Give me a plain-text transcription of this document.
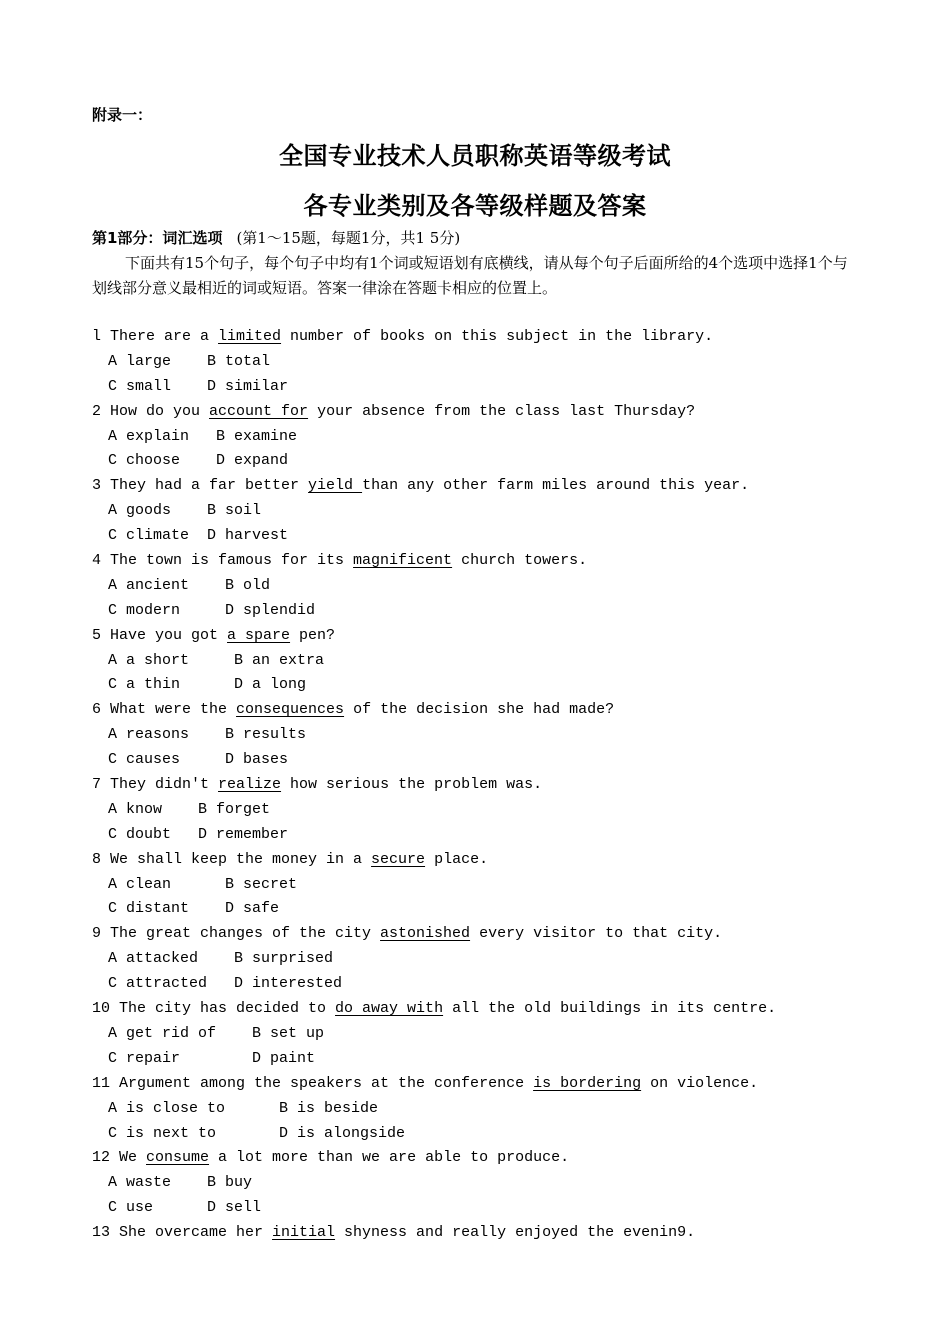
附录一：
全国专业技术人员职称英语等级考试
各专业类别及各等级样题及答案
第1部分：词汇选项 (第1～15题，每题1分，共1 5分)
下面共有15个句子，每个句子中均有1个词或短语划有底横线，请从每个句子后面所给的4个选项中选择1个与划线部分意义最相近的词或短语。答案一律涂在答题卡相应的位置上。
l There are a limited number of books on this subject in the library.
A large    B total
C small    D similar
2 How do you account for your absence from the class last Thursday?
A explain   B examine
C choose    D expand
3 They had a far better yield than any other farm miles around this year.
A goods    B soil
C climate  D harvest
4 The town is famous for its magnificent church towers.
A ancient    B old
C modern     D splendid
5 Have you got a spare pen?
A a short     B an extra
C a thin      D a long
6 What were the consequences of the decision she had made?
A reasons    B results
C causes     D bases
7 They didn't realize how serious the problem was.
A know    B forget
C doubt   D remember
8 We shall keep the money in a secure place.
A clean      B secret
C distant    D safe
9 The great changes of the city astonished every visitor to that city.
A attacked    B surprised
C attracted   D interested
10 The city has decided to do away with all the old buildings in its centre.
A get rid of    B set up
C repair        D paint
11 Argument among the speakers at the conference is bordering on violence.
A is close to      B is beside
C is next to       D is alongside
12 We consume a lot more than we are able to produce.
A waste    B buy
C use      D sell
13 She overcame her initial shyness and really enjoyed the evenin9.
